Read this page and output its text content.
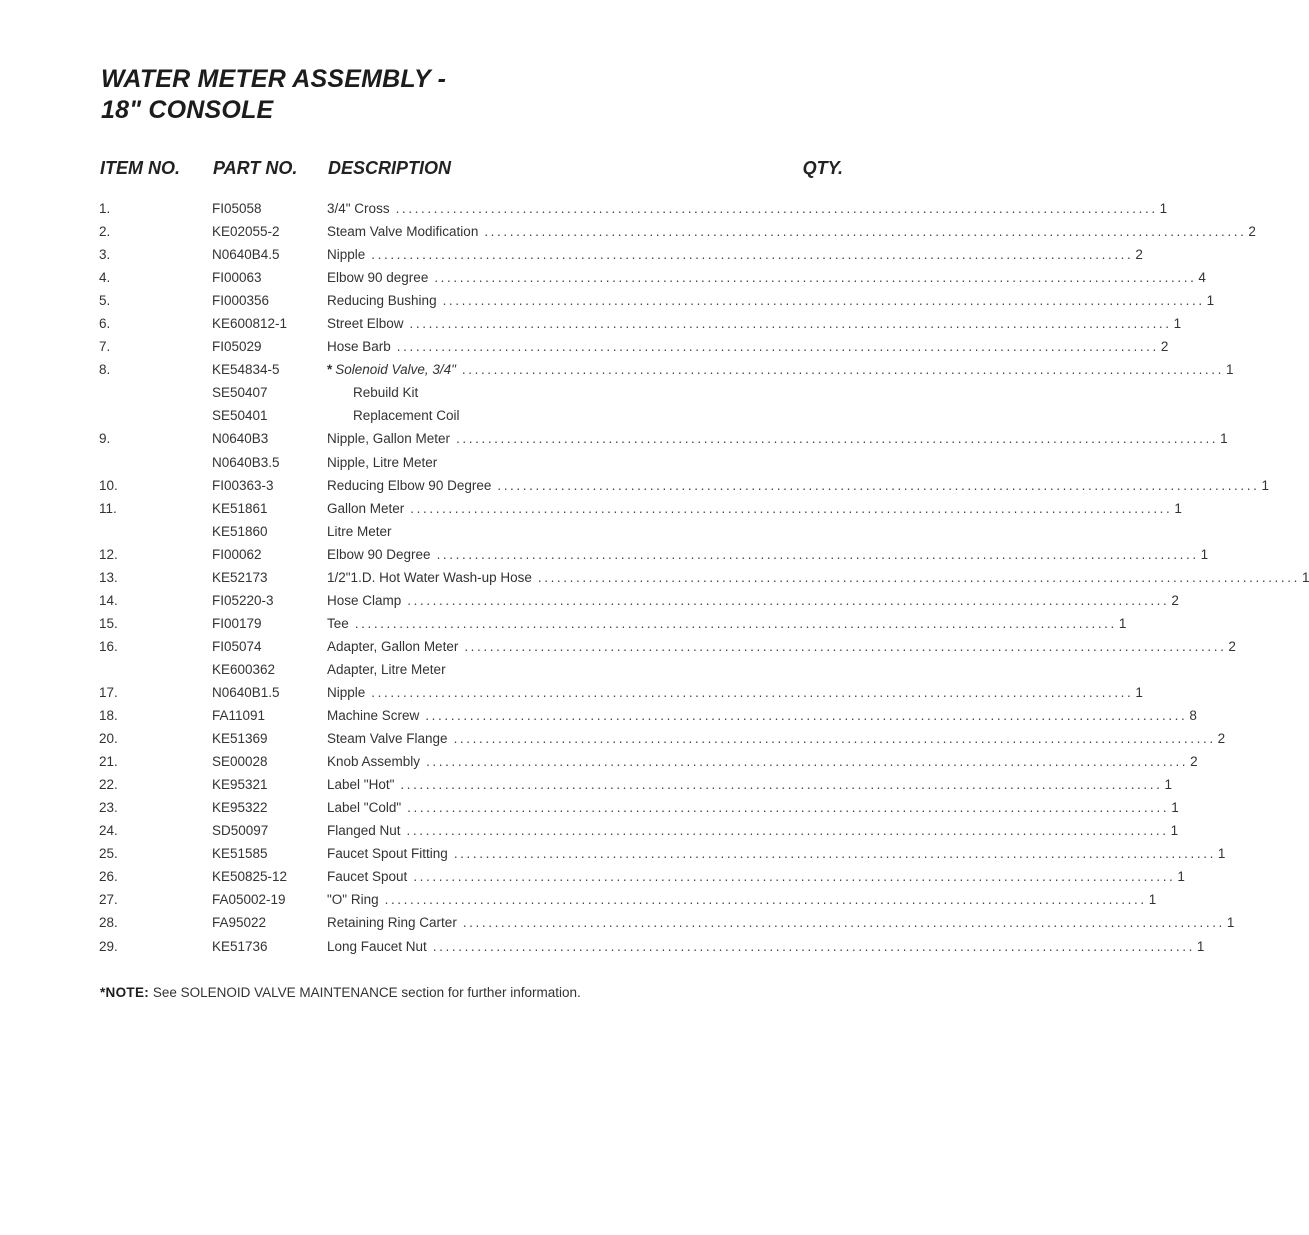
WATER METER ASSEMBLY -
18" CONSOLE
ITEM NO. PART NO. DESCRIPTION	QTY.
1.	FI05058	3/4" Cross ........................................................................................................................ 1
2.	KE02055-2	Steam Valve Modification ........................................................................................................................ 2
3.	N0640B4.5	Nipple ........................................................................................................................ 2
4.	FI00063	Elbow 90 degree ........................................................................................................................ 4
5.	FI000356	Reducing Bushing ........................................................................................................................ 1
6.	KE600812-1	Street Elbow ........................................................................................................................ 1
7.	FI05029	Hose Barb ........................................................................................................................ 2
8.	KE54834-5	* Solenoid Valve, 3/4" ........................................................................................................................ 1
SE50407	Rebuild Kit
SE50401	Replacement Coil
9.	N0640B3	Nipple, Gallon Meter ........................................................................................................................ 1
N0640B3.5	Nipple, Litre Meter
10.	FI00363-3	Reducing Elbow 90 Degree ........................................................................................................................ 1
11.	KE51861	Gallon Meter ........................................................................................................................ 1
KE51860	Litre Meter
12.	FI00062	Elbow 90 Degree ........................................................................................................................ 1
13.	KE52173	1/2"1.D. Hot Water Wash-up Hose ........................................................................................................................ 1
14.	FI05220-3	Hose Clamp ........................................................................................................................ 2
15.	FI00179	Tee ........................................................................................................................ 1
16.	FI05074	Adapter, Gallon Meter ........................................................................................................................ 2
KE600362	Adapter, Litre Meter
17.	N0640B1.5	Nipple ........................................................................................................................ 1
18.	FA11091	Machine Screw ........................................................................................................................ 8
20.	KE51369	Steam Valve Flange ........................................................................................................................ 2
21.	SE00028	Knob Assembly ........................................................................................................................ 2
22.	KE95321	Label "Hot" ........................................................................................................................ 1
23.	KE95322	Label "Cold" ........................................................................................................................ 1
24.	SD50097	Flanged Nut ........................................................................................................................ 1
25.	KE51585	Faucet Spout Fitting ........................................................................................................................ 1
26.	KE50825-12	Faucet Spout ........................................................................................................................ 1
27.	FA05002-19	"O" Ring ........................................................................................................................ 1
28.	FA95022	Retaining Ring Carter ........................................................................................................................ 1
29.	KE51736	Long Faucet Nut ........................................................................................................................ 1
*NOTE: See SOLENOID VALVE MAINTENANCE section for further information.
